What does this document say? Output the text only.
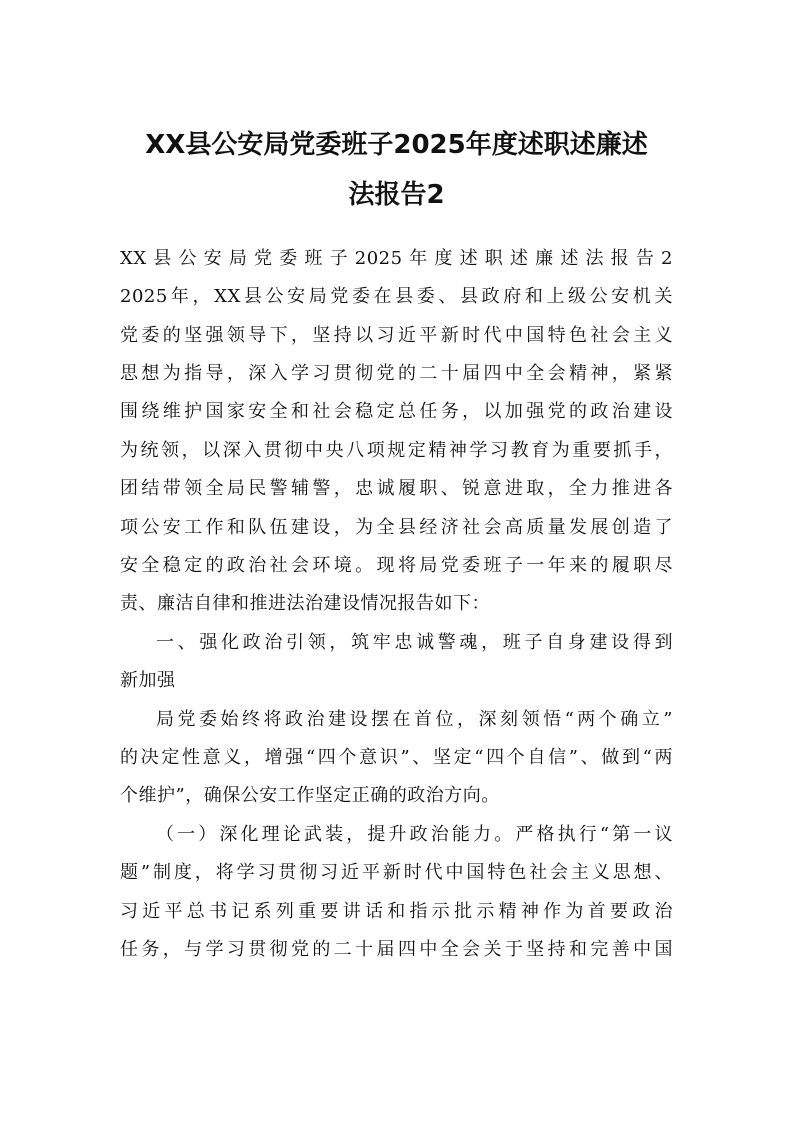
XX县公安局党委班子2025年度述职述廉述
法报告2
XX县公安局党委班子2025年度述职述廉述法报告2
2025年，XX县公安局党委在县委、县政府和上级公安机关
党委的坚强领导下，坚持以习近平新时代中国特色社会主义
思想为指导，深入学习贯彻党的二十届四中全会精神，紧紧
围绕维护国家安全和社会稳定总任务，以加强党的政治建设
为统领，以深入贯彻中央八项规定精神学习教育为重要抓手，
团结带领全局民警辅警，忠诚履职、锐意进取，全力推进各
项公安工作和队伍建设，为全县经济社会高质量发展创造了
安全稳定的政治社会环境。现将局党委班子一年来的履职尽
责、廉洁自律和推进法治建设情况报告如下：
一、强化政治引领，筑牢忠诚警魂，班子自身建设得到
新加强
局党委始终将政治建设摆在首位，深刻领悟“两个确立”
的决定性意义，增强“四个意识”、坚定“四个自信”、做到“两
个维护”，确保公安工作坚定正确的政治方向。
（一）深化理论武装，提升政治能力。严格执行“第一议
题”制度，将学习贯彻习近平新时代中国特色社会主义思想、
习近平总书记系列重要讲话和指示批示精神作为首要政治
任务，与学习贯彻党的二十届四中全会关于坚持和完善中国
